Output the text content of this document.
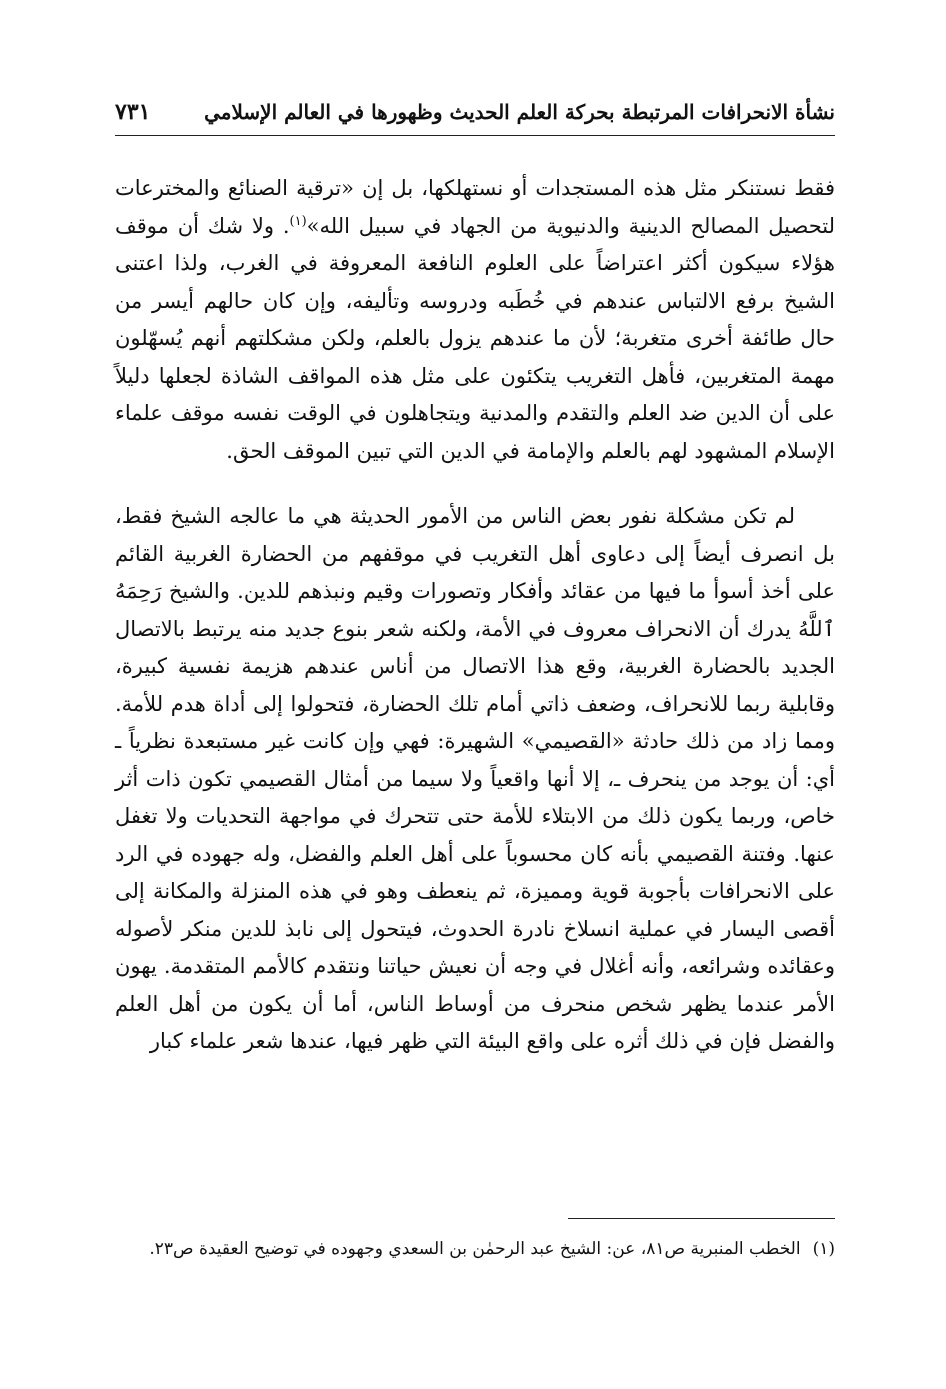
نشأة الانحرافات المرتبطة بحركة العلم الحديث وظهورها في العالم الإسلامي
٧٣١

فقط نستنكر مثل هذه المستجدات أو نستهلكها، بل إن «ترقية الصنائع والمخترعات لتحصيل المصالح الدينية والدنيوية من الجهاد في سبيل الله»$^{(١)}$. ولا شك أن موقف هؤلاء سيكون أكثر اعتراضاً على العلوم النافعة المعروفة في الغرب، ولذا اعتنى الشيخ برفع الالتباس عندهم في خُطَبه ودروسه وتأليفه، وإن كان حالهم أيسر من حال طائفة أخرى متغربة؛ لأن ما عندهم يزول بالعلم، ولكن مشكلتهم أنهم يُسهّلون مهمة المتغربين، فأهل التغريب يتكئون على مثل هذه المواقف الشاذة لجعلها دليلاً على أن الدين ضد العلم والتقدم والمدنية ويتجاهلون في الوقت نفسه موقف علماء الإسلام المشهود لهم بالعلم والإمامة في الدين التي تبين الموقف الحق.

لم تكن مشكلة نفور بعض الناس من الأمور الحديثة هي ما عالجه الشيخ فقط، بل انصرف أيضاً إلى دعاوى أهل التغريب في موقفهم من الحضارة الغربية القائم على أخذ أسوأ ما فيها من عقائد وأفكار وتصورات وقيم ونبذهم للدين. والشيخ رَحِمَهُ ٱللَّهُ يدرك أن الانحراف معروف في الأمة، ولكنه شعر بنوع جديد منه يرتبط بالاتصال الجديد بالحضارة الغربية، وقع هذا الاتصال من أناس عندهم هزيمة نفسية كبيرة، وقابلية ربما للانحراف، وضعف ذاتي أمام تلك الحضارة، فتحولوا إلى أداة هدم للأمة. ومما زاد من ذلك حادثة «القصيمي» الشهيرة: فهي وإن كانت غير مستبعدة نظرياً ـ أي: أن يوجد من ينحرف ـ، إلا أنها واقعياً ولا سيما من أمثال القصيمي تكون ذات أثر خاص، وربما يكون ذلك من الابتلاء للأمة حتى تتحرك في مواجهة التحديات ولا تغفل عنها. وفتنة القصيمي بأنه كان محسوباً على أهل العلم والفضل، وله جهوده في الرد على الانحرافات بأجوبة قوية ومميزة، ثم ينعطف وهو في هذه المنزلة والمكانة إلى أقصى اليسار في عملية انسلاخ نادرة الحدوث، فيتحول إلى نابذ للدين منكر لأصوله وعقائده وشرائعه، وأنه أغلال في وجه أن نعيش حياتنا ونتقدم كالأمم المتقدمة. يهون الأمر عندما يظهر شخص منحرف من أوساط الناس، أما أن يكون من أهل العلم والفضل فإن في ذلك أثره على واقع البيئة التي ظهر فيها، عندها شعر علماء كبار

(١)الخطب المنبرية ص٨١، عن: الشيخ عبد الرحمٰن بن السعدي وجهوده في توضيح العقيدة ص٢٣.
